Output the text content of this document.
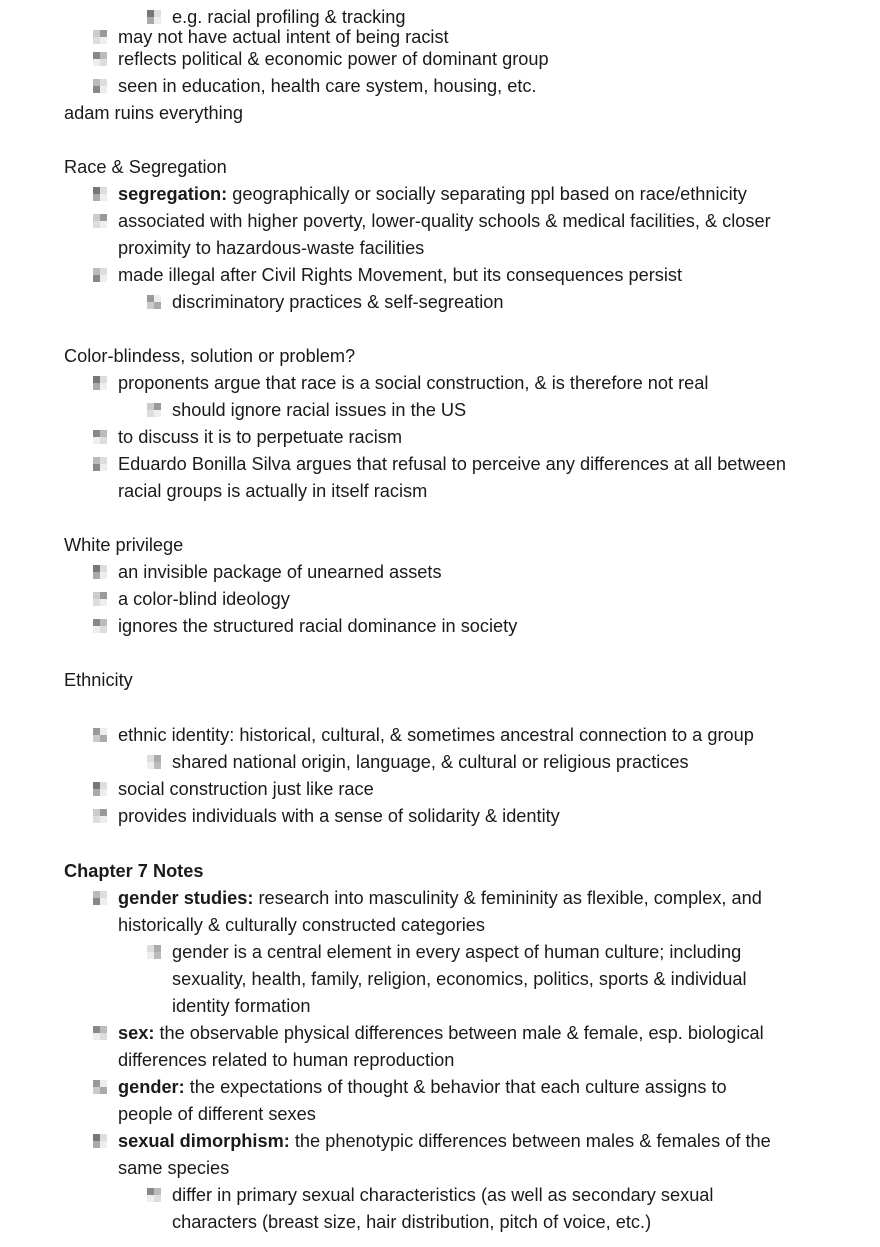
e.g. racial profiling & tracking
may not have actual intent of being racist
reflects political & economic power of dominant group
seen in education, health care system, housing, etc.
adam ruins everything
Race & Segregation
segregation: geographically or socially separating ppl based on race/ethnicity
associated with higher poverty, lower-quality schools & medical facilities, & closer
proximity to hazardous-waste facilities
made illegal after Civil Rights Movement, but its consequences persist
discriminatory practices & self-segreation
Color-blindess, solution or problem?
proponents argue that race is a social construction, & is therefore not real
should ignore racial issues in the US
to discuss it is to perpetuate racism
Eduardo Bonilla Silva argues that refusal to perceive any differences at all between
racial groups is actually in itself racism
White privilege
an invisible package of unearned assets
a color-blind ideology
ignores the structured racial dominance in society
Ethnicity
ethnic identity: historical, cultural, & sometimes ancestral connection to a group
shared national origin, language, & cultural or religious practices
social construction just like race
provides individuals with a sense of solidarity & identity
Chapter 7 Notes
gender studies: research into masculinity & femininity as flexible, complex, and
historically & culturally constructed categories
gender is a central element in every aspect of human culture; including
sexuality, health, family, religion, economics, politics, sports & individual
identity formation
sex: the observable physical differences between male & female, esp. biological
differences related to human reproduction
gender: the expectations of thought & behavior that each culture assigns to
people of different sexes
sexual dimorphism: the phenotypic differences between males & females of the
same species
differ in primary sexual characteristics (as well as secondary sexual
characters (breast size, hair distribution, pitch of voice, etc.)
